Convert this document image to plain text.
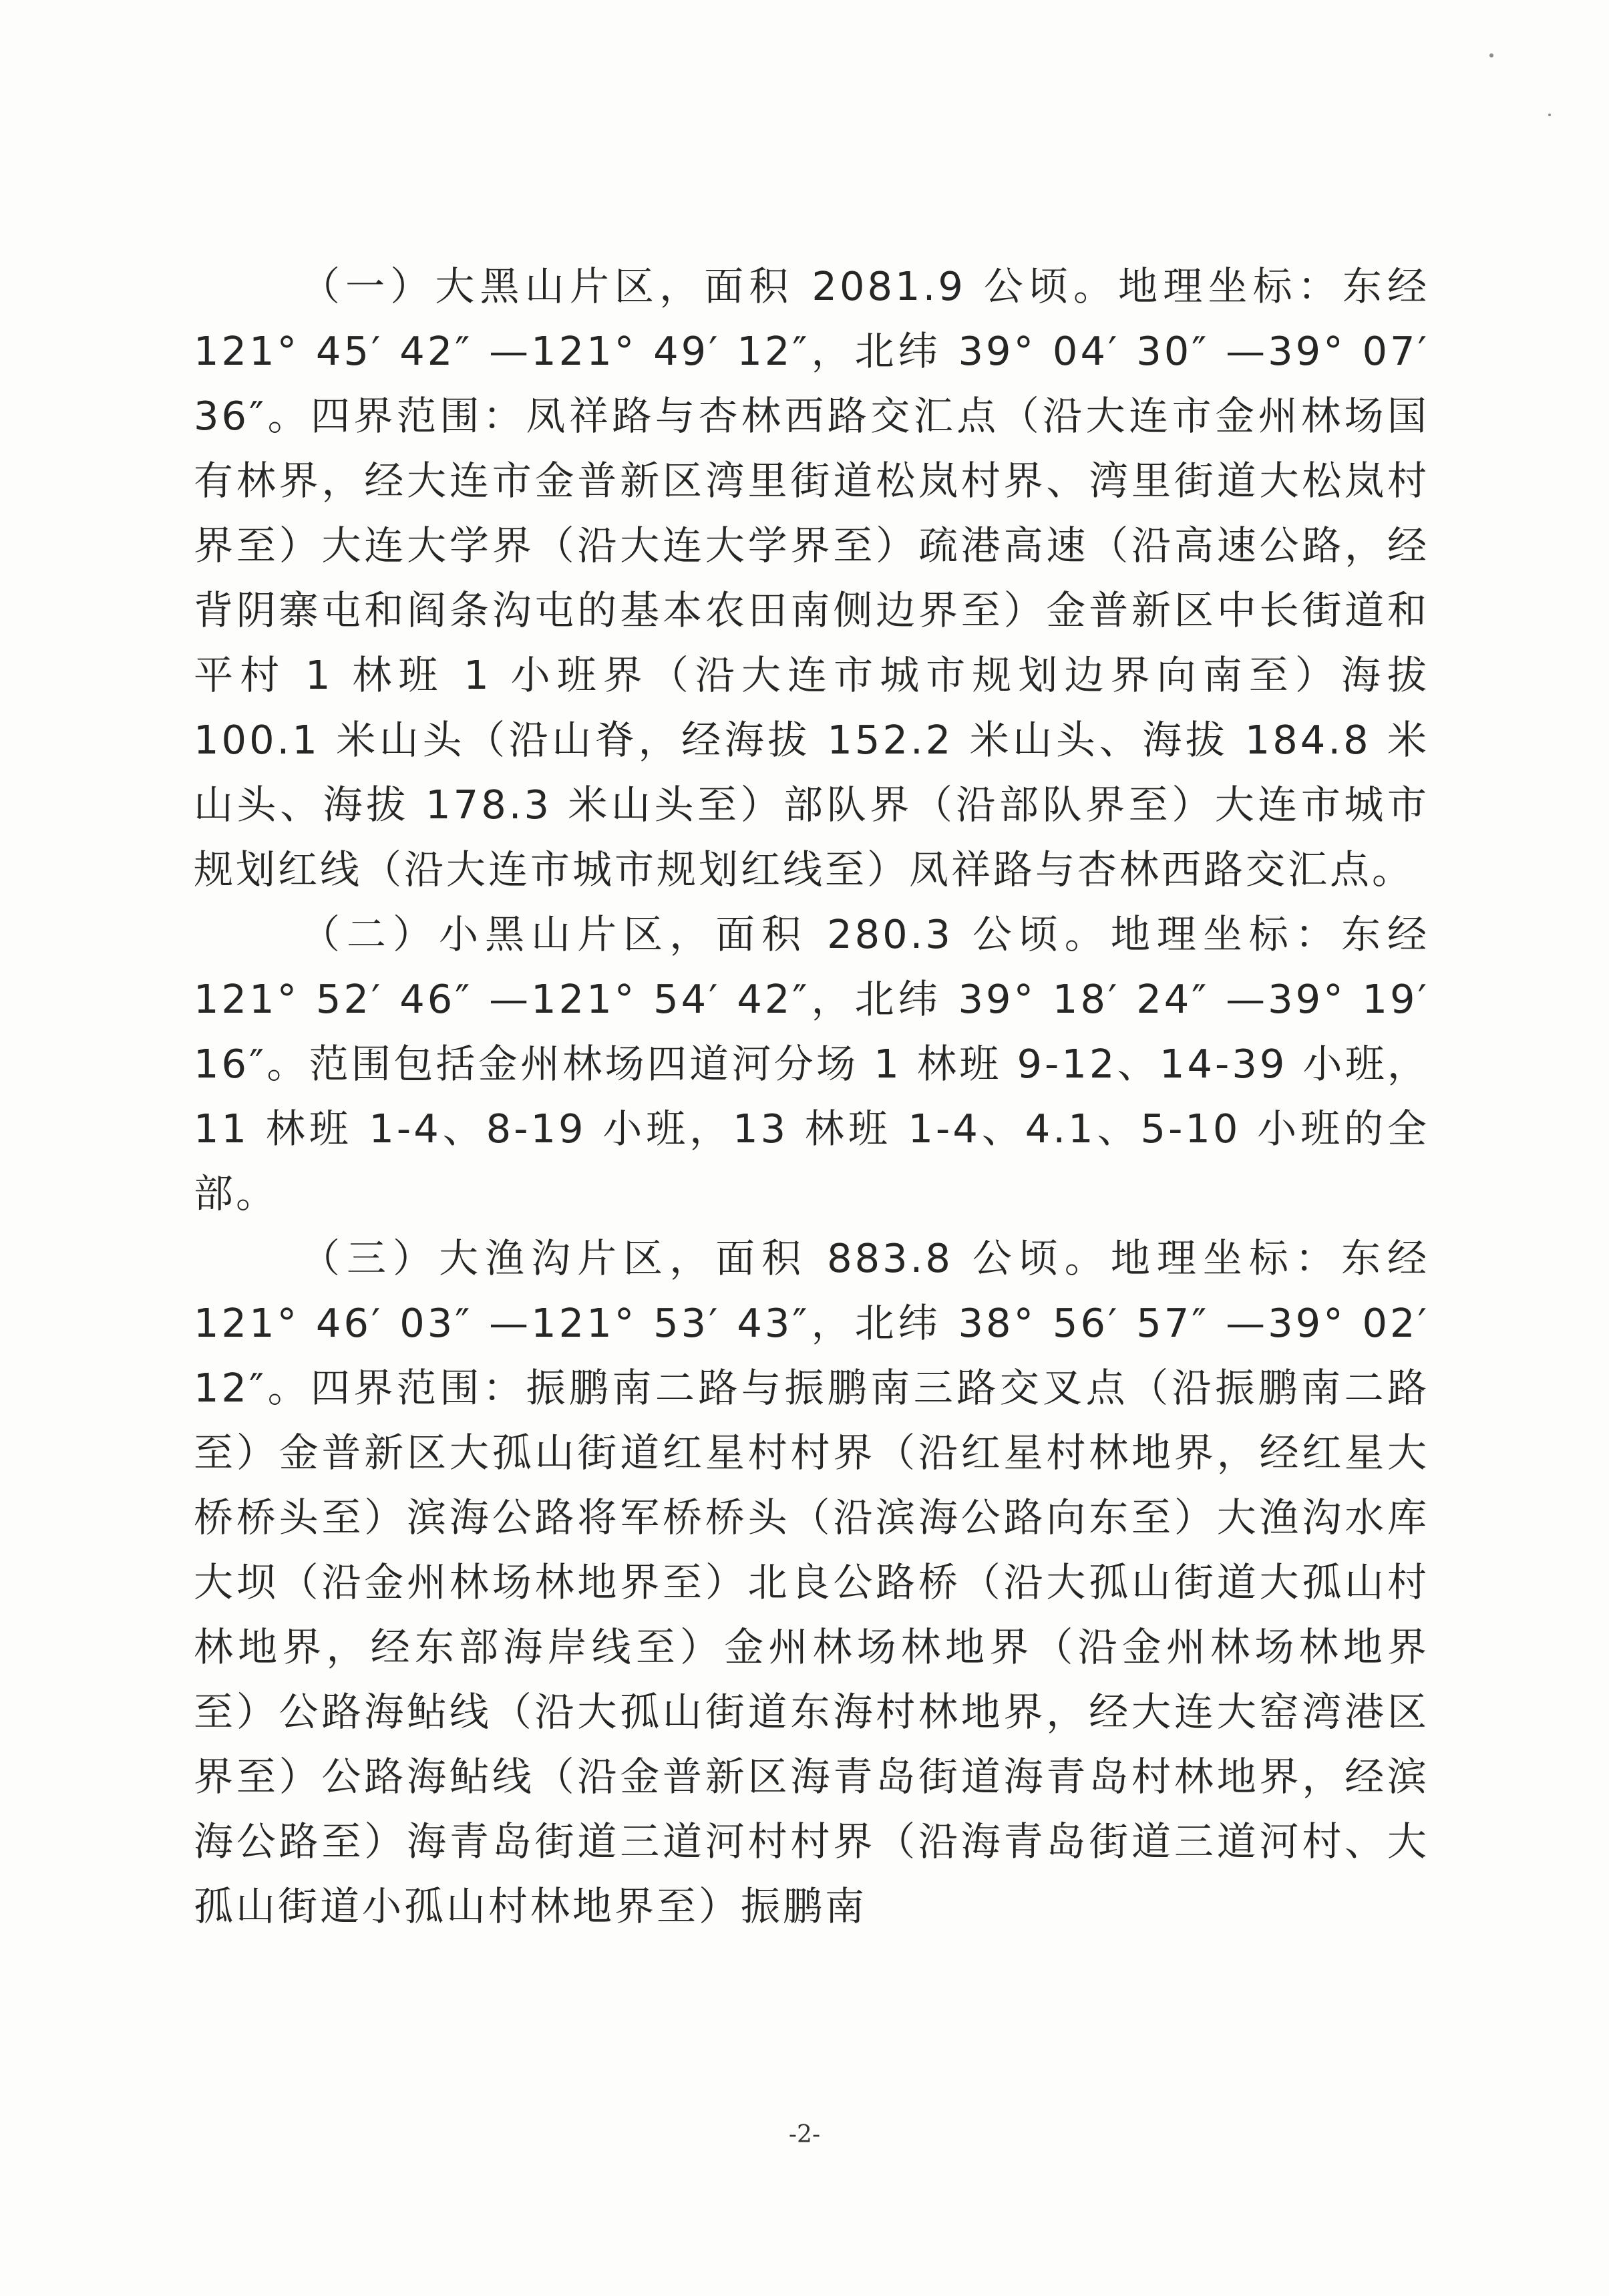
（一）大黑山片区，面积 2081.9 公顷。地理坐标：东经 121° 45′ 42″ —121° 49′ 12″，北纬 39° 04′ 30″ —39° 07′ 36″。四界范围：凤祥路与杏林西路交汇点（沿大连市金州林场国有林界，经大连市金普新区湾里街道松岚村界、湾里街道大松岚村界至）大连大学界（沿大连大学界至）疏港高速（沿高速公路，经背阴寨屯和阎条沟屯的基本农田南侧边界至）金普新区中长街道和平村 1 林班 1 小班界（沿大连市城市规划边界向南至）海拔 100.1 米山头（沿山脊，经海拔 152.2 米山头、海拔 184.8 米山头、海拔 178.3 米山头至）部队界（沿部队界至）大连市城市规划红线（沿大连市城市规划红线至）凤祥路与杏林西路交汇点。

（二）小黑山片区，面积 280.3 公顷。地理坐标：东经 121° 52′ 46″ —121° 54′ 42″，北纬 39° 18′ 24″ —39° 19′ 16″。范围包括金州林场四道河分场 1 林班 9-12、14-39 小班，11 林班 1-4、8-19 小班，13 林班 1-4、4.1、5-10 小班的全部。

（三）大渔沟片区，面积 883.8 公顷。地理坐标：东经 121° 46′ 03″ —121° 53′ 43″，北纬 38° 56′ 57″ —39° 02′ 12″。四界范围：振鹏南二路与振鹏南三路交叉点（沿振鹏南二路至）金普新区大孤山街道红星村村界（沿红星村林地界，经红星大桥桥头至）滨海公路将军桥桥头（沿滨海公路向东至）大渔沟水库大坝（沿金州林场林地界至）北良公路桥（沿大孤山街道大孤山村林地界，经东部海岸线至）金州林场林地界（沿金州林场林地界至）公路海鲇线（沿大孤山街道东海村林地界，经大连大窑湾港区界至）公路海鲇线（沿金普新区海青岛街道海青岛村林地界，经滨海公路至）海青岛街道三道河村村界（沿海青岛街道三道河村、大孤山街道小孤山村林地界至）振鹏南

-2-
